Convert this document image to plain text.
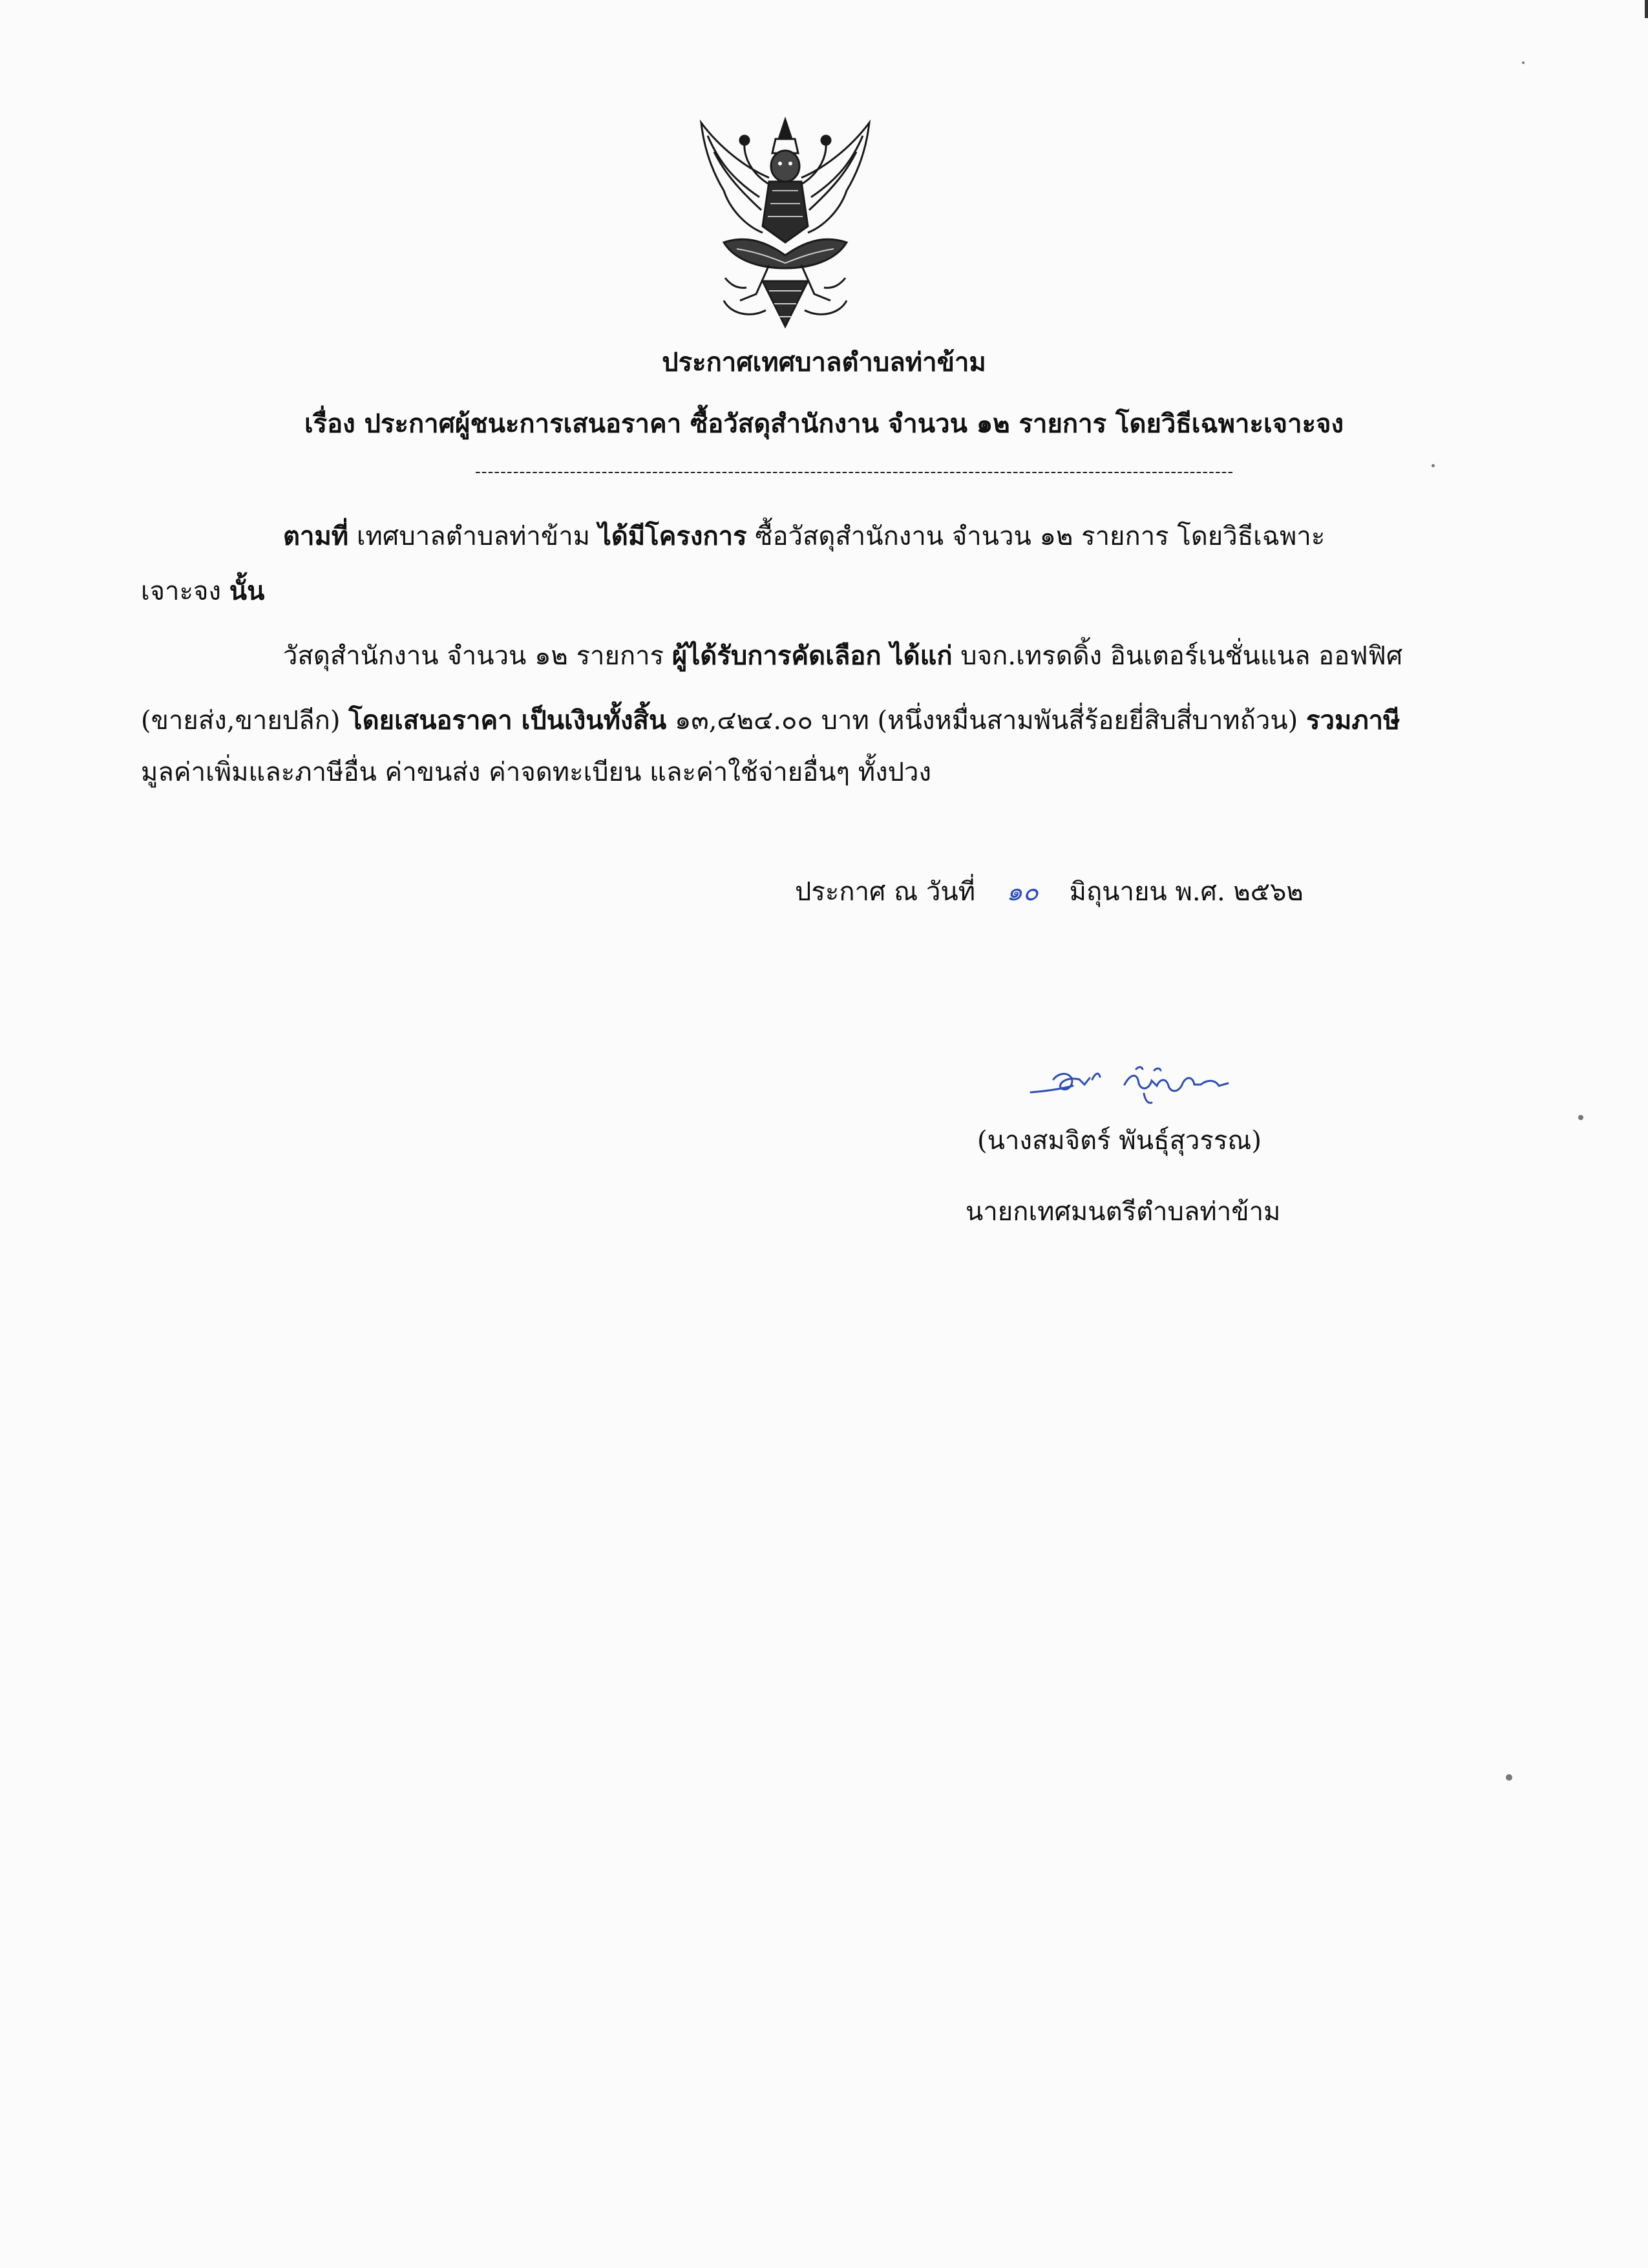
ประกาศเทศบาลตำบลท่าข้าม
เรื่อง ประกาศผู้ชนะการเสนอราคา ซื้อวัสดุสำนักงาน จำนวน ๑๒ รายการ โดยวิธีเฉพาะเจาะจง
------------------------------------------------------------------------------------------------------------------------
ตามที่ เทศบาลตำบลท่าข้าม ได้มีโครงการ ซื้อวัสดุสำนักงาน จำนวน ๑๒ รายการ โดยวิธีเฉพาะ
เจาะจง นั้น
วัสดุสำนักงาน จำนวน ๑๒ รายการ ผู้ได้รับการคัดเลือก ได้แก่ บจก.เทรดดิ้ง อินเตอร์เนชั่นแนล ออฟฟิศ
(ขายส่ง,ขายปลีก) โดยเสนอราคา เป็นเงินทั้งสิ้น ๑๓,๔๒๔.๐๐ บาท (หนึ่งหมื่นสามพันสี่ร้อยยี่สิบสี่บาทถ้วน) รวมภาษี
มูลค่าเพิ่มและภาษีอื่น ค่าขนส่ง ค่าจดทะเบียน และค่าใช้จ่ายอื่นๆ ทั้งปวง
ประกาศ ณ วันที่ ๑๐ มิถุนายน พ.ศ. ๒๕๖๒
(นางสมจิตร์ พันธุ์สุวรรณ)
นายกเทศมนตรีตำบลท่าข้าม
